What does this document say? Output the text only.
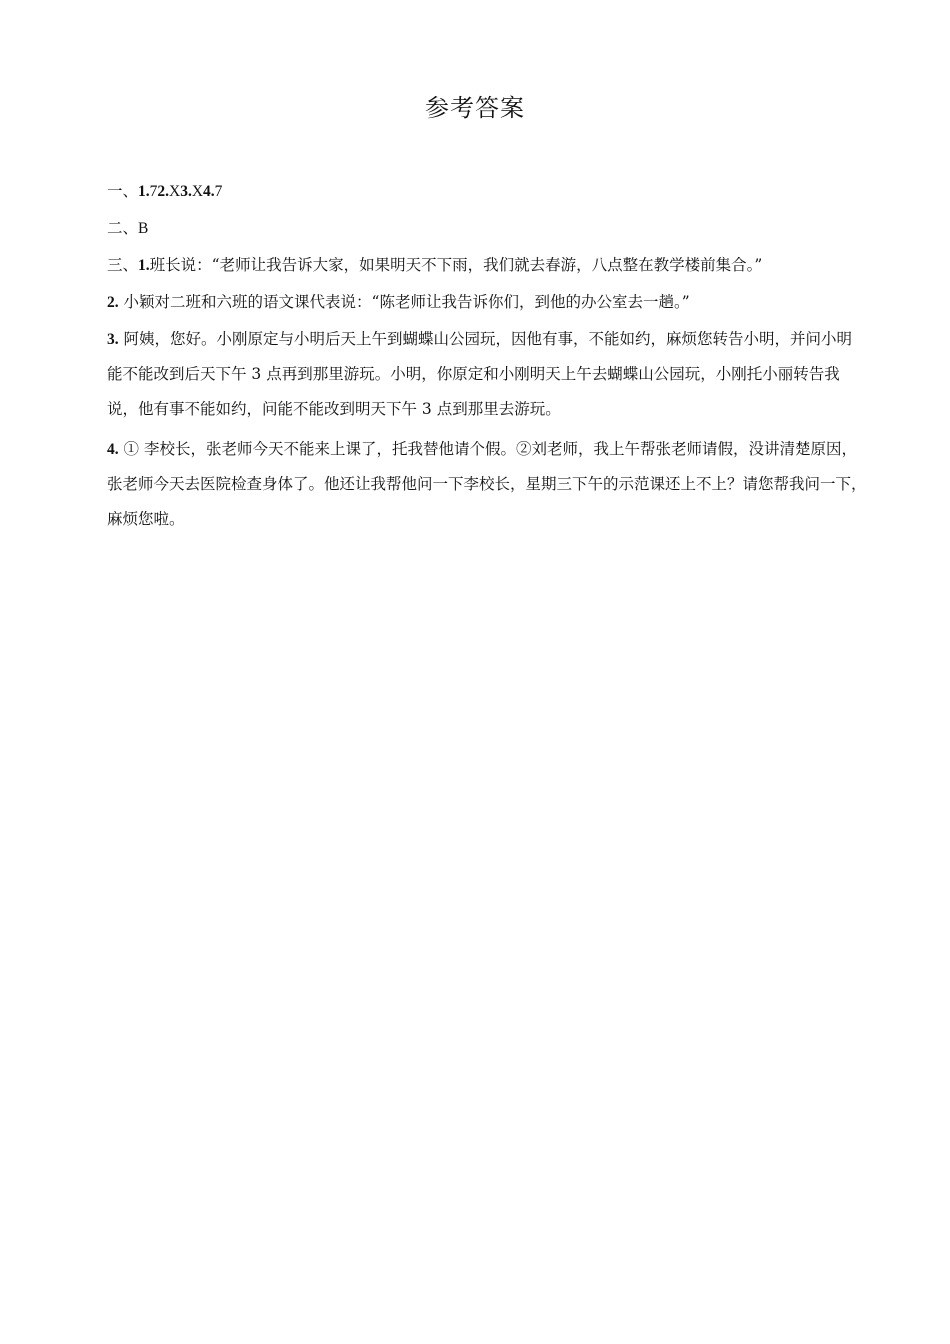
参考答案

一、1.72.X3.X4.7

二、B

三、1.班长说：“老师让我告诉大家，如果明天不下雨，我们就去春游，八点整在教学楼前集合。”

2. 小颖对二班和六班的语文课代表说：“陈老师让我告诉你们，到他的办公室去一趟。”

3. 阿姨，您好。小刚原定与小明后天上午到蝴蝶山公园玩，因他有事，不能如约，麻烦您转告小明，并问小明能不能改到后天下午 3 点再到那里游玩。小明，你原定和小刚明天上午去蝴蝶山公园玩，小刚托小丽转告我说，他有事不能如约，问能不能改到明天下午 3 点到那里去游玩。

4. ① 李校长，张老师今天不能来上课了，托我替他请个假。②刘老师，我上午帮张老师请假，没讲清楚原因，张老师今天去医院检查身体了。他还让我帮他问一下李校长，星期三下午的示范课还上不上？请您帮我问一下，麻烦您啦。
